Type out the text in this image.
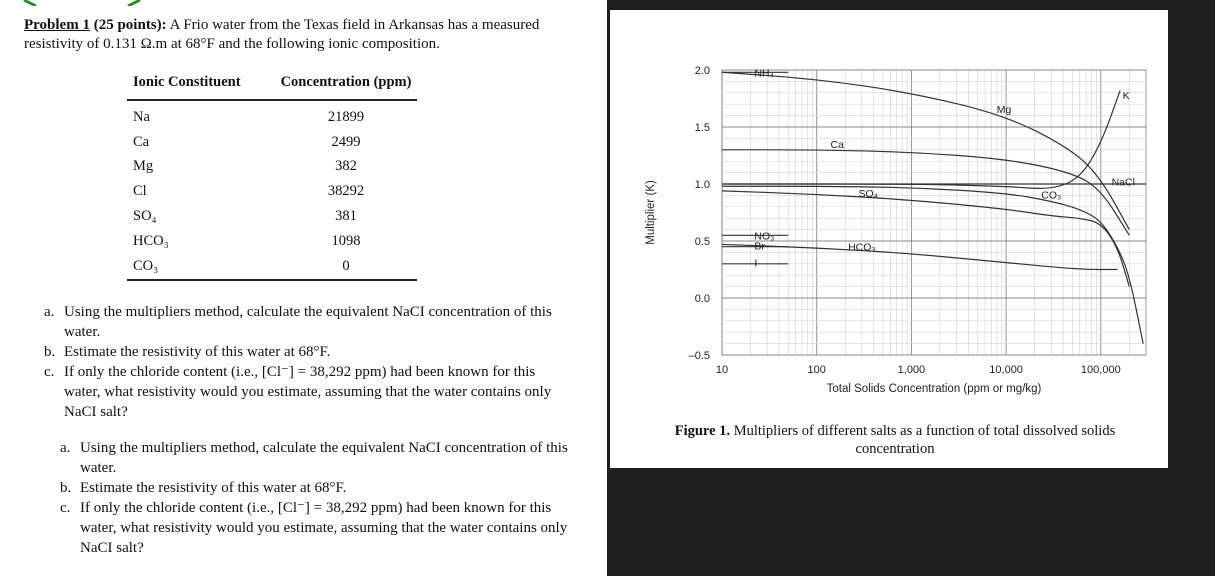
Problem 1 (25 points): A Frio water from the Texas field in Arkansas has a measured resistivity of 0.131 Ω.m at 68°F and the following ionic composition.
Ionic Constituent	Concentration (ppm)
Na	21899
Ca	2499
Mg	382
Cl	38292
SO₄	381
HCO₃	1098
CO₃	0
a. Using the multipliers method, calculate the equivalent NaCI concentration of this water.
b. Estimate the resistivity of this water at 68°F.
c. If only the chloride content (i.e., [Cl⁻] = 38,292 ppm) had been known for this water, what resistivity would you estimate, assuming that the water contains only NaCI salt?
a. Using the multipliers method, calculate the equivalent NaCI concentration of this water.
b. Estimate the resistivity of this water at 68°F.
c. If only the chloride content (i.e., [Cl⁻] = 38,292 ppm) had been known for this water, what resistivity would you estimate, assuming that the water contains only NaCI salt?
2.0
1.5
1.0
0.5
0.0
–0.5
10	100	1,000	10,000	100,000
Total Solids Concentration (ppm or mg/kg)
Multiplier (K)
NH₄
Ca
Mg
K
NaCl
SO₄	CO₃
HCO₃
NO₃
Br
I
Figure 1. Multipliers of different salts as a function of total dissolved solids concentration
